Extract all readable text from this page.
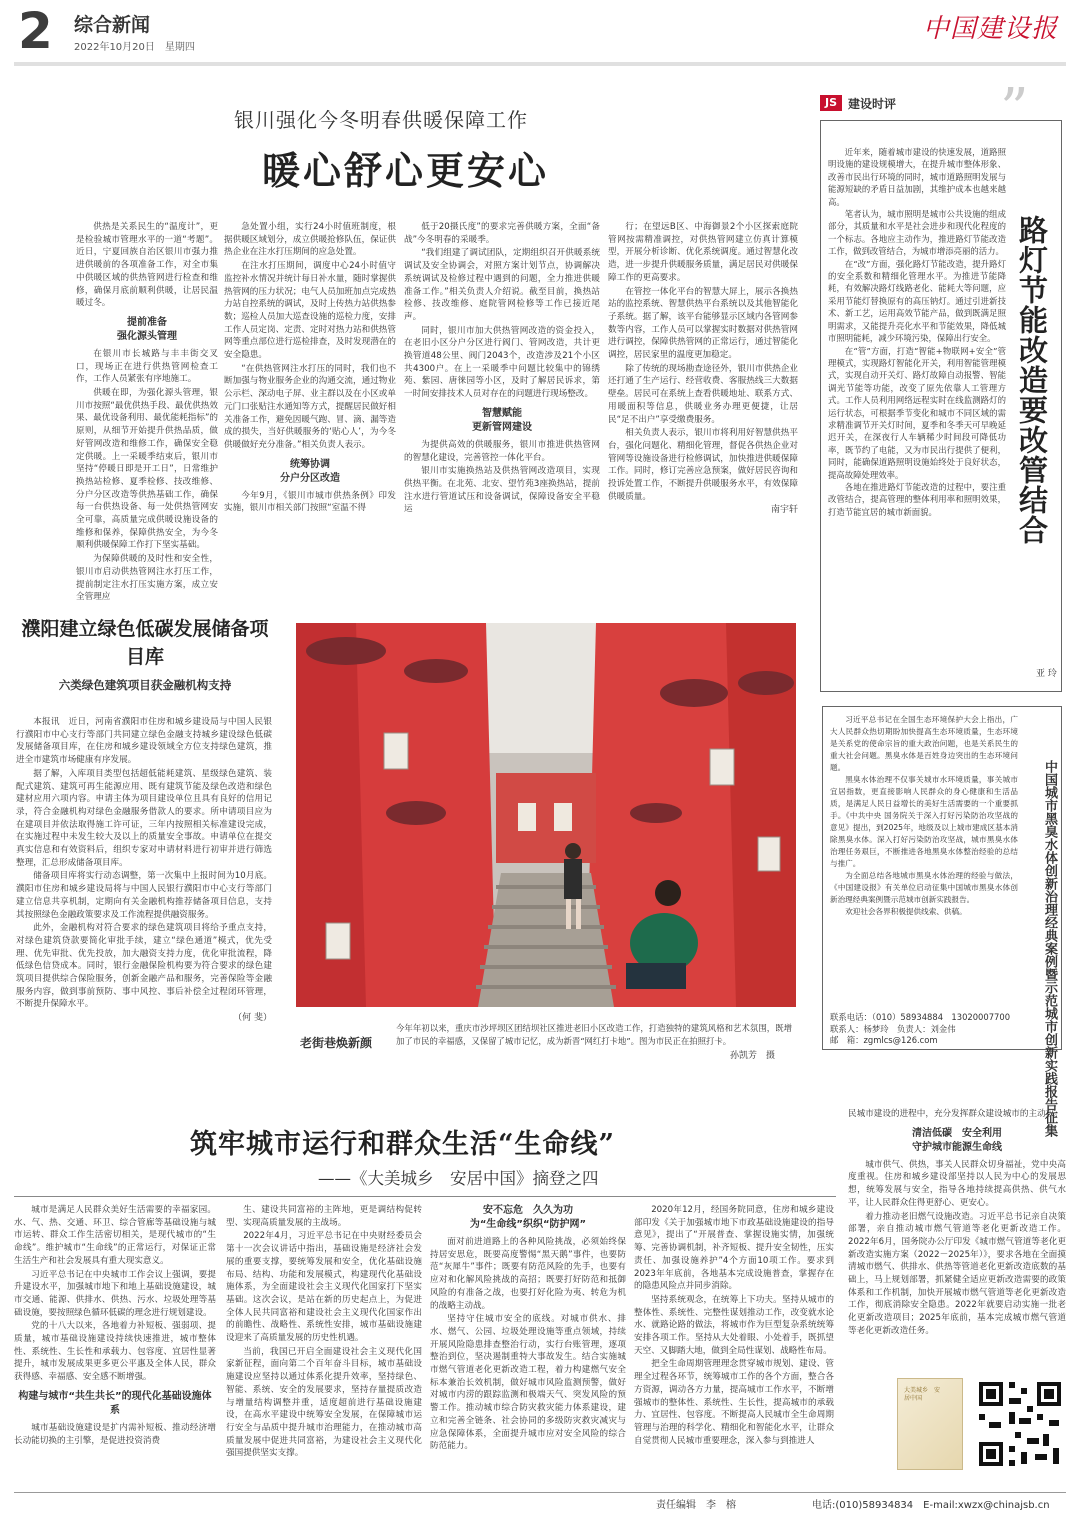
2 综合新闻
2022年10月20日　星期四
中国建设报
银川强化今冬明春供暖保障工作
暖心舒心更安心

供热是关系民生的“温度计”，更是检验城市管理水平的一道“考题”。近日，宁夏回族自治区银川市强力推进供暖前的各项准备工作，对全市集中供暖区域的供热管网进行检查和维修，确保月底前顺利供暖，让居民温暖过冬。

提前准备
强化源头管理

在银川市长城路与丰丰街交叉口，现场正在进行供热管网检查工作，工作人员紧张有序地施工。

供暖在即，为强化源头管理，银川市按照“最优供热手段、最优供热效果、最优设备利用、最优能耗指标”的原则，从细节开始提升供热品质，做好管网改造和维修工作，确保安全稳定供暖。上一采暖季结束后，银川市坚持“停暖日即是开工日”，日常维护换热站检修、夏季检修、技改维修、分户分区改造等供热基础工作，确保每一台供热设备、每一处供热管网安全可靠，高质量完成供暖设施设备的维修和保养，保障供热安全，为今冬顺利供暖保障工作打下坚实基础。

为保障供暖的及时性和安全性，银川市启动供热管网注水打压工作，提前制定注水打压实施方案，成立安全管理应

急处置小组，实行24小时值班制度，根据供暖区域划分，成立供暖抢修队伍，保证供热企业在注水打压期间的应急处置。

在注水打压期间，调度中心24小时值守监控补水情况并统计每日补水量，随时掌握供热管网的压力状况；电气人员加班加点完成热力站自控系统的调试，及时上传热力站供热参数；巡检人员加大巡查设施的巡检力度，安排工作人员定岗、定责、定时对热力站和供热管网等重点部位进行巡检排查，及时发现潜在的安全隐患。

“在供热管网注水打压的同时，我们也不断加强与物业服务企业的沟通交流，通过物业公示栏、深动电子屏、业主群以及在小区或单元门口张贴注水通知等方式，提醒居民做好相关准备工作，避免因暖气跑、冒、滴、漏等造成的损失，当好供暖服务的‘贴心人’，为今冬供暖做好充分准备。”相关负责人表示。

统筹协调
分户分区改造

今年9月，《银川市城市供热条例》印发实施，银川市相关部门按照“室温不得

低于20摄氏度”的要求完善供暖方案，全面“备战”今冬明春的采暖季。

“我们组建了调试团队，定期组织召开供暖系统调试及安全协调会，对照方案计划节点，协调解决系统调试及检修过程中遇到的问题，全力推进供暖准备工作。”相关负责人介绍说。截至目前，换热站检修、技改维修、庭院管网检修等工作已接近尾声。

同时，银川市加大供热管网改造的资金投入，在老旧小区分户分区进行阀门、管网改造，共计更换管道48公里、阀门2043个，改造涉及21个小区共4300户。在上一采暖季中问题比较集中的锦绣苑、紫园、唐徕园等小区，及时了解居民诉求，第一时间安排技术人员对存在的问题进行现场整改。

智慧赋能
更新管网建设

为提供高效的供暖服务，银川市推进供热管网的智慧化建设，完善管控一体化平台。

银川市实施换热站及供热管网改造项目，实现供热平衡。在北苑、北安、望竹苑3座换热站，提前注水进行管道试压和设备调试，保障设备安全平稳运

行；在望远B区、中海御景2个小区探索庭院管网按需精准调控，对供热管网建立仿真计算模型，开展分析诊断、优化系统调度。通过智慧化改造，进一步提升供暖服务质量，满足居民对供暖保障工作的更高要求。

在管控一体化平台的智慧大屏上，展示各换热站的监控系统、智慧供热平台系统以及其他智能化子系统。据了解，该平台能够显示区域内各管网参数等内容，工作人员可以掌握实时数据对供热管网进行调控，保障供热管网的正常运行，通过智能化调控，居民家里的温度更加稳定。

除了传统的现场勘查途径外，银川市供热企业还打通了生产运行、经营收费、客服热线三大数据壁垒。居民可在系统上查看供暖地址、联系方式、用暖面积等信息，供暖业务办理更便捷，让居民“足不出户”享受缴费服务。

相关负责人表示，银川市将利用好智慧供热平台，强化问题化、精细化管理，督促各供热企业对管网等设施设备进行检修调试，加快推进供暖保障工作。同时，修订完善应急预案，做好居民咨询和投诉处置工作，不断提升供暖服务水平，有效保障供暖质量。

南宇轩
JS 建设时评 ”

近年来，随着城市建设的快速发展，道路照明设施的建设规模增大，在提升城市整体形象、改善市民出行环境的同时，城市道路照明发展与能源短缺的矛盾日益加剧，其维护成本也越来越高。

笔者认为，城市照明是城市公共设施的组成部分，其质量和水平是社会进步和现代化程度的一个标志。各地应主动作为，推进路灯节能改造工作，做到改管结合，为城市增添亮丽的活力。

在“改”方面，强化路灯节能改造，提升路灯的安全系数和精细化管理水平。为推进节能降耗，有效解决路灯线路老化、能耗大等问题，应采用节能灯替换原有的高压钠灯。通过引进新技术、新工艺，运用高效节能产品，做到既满足照明需求，又能提升亮化水平和节能效果，降低城市照明能耗，减少环境污染，保障出行安全。

在“管”方面，打造“智能+物联网+安全”管理模式，实现路灯智能化开关，利用智能管理模式，实现自动开关灯、路灯故障自动报警、智能调光节能等功能，改变了原先依靠人工管理方式。工作人员利用网络远程实时在线监测路灯的运行状态，可根据季节变化和城市不同区域的需求精准调节开关灯时间，夏季和冬季天可早晚延迟开关，在深夜行人车辆稀少时间段可降低功率，既节约了电能，又为市民出行提供了便利，同时，能确保道路照明设施始终处于良好状态，提高故障处理效率。

各地在推进路灯节能改造的过程中，要注重改管结合，提高管理的整体利用率和照明效果，打造节能宜居的城市新面貌。	路灯节能改造要改管结合
亚 玲
濮阳建立绿色低碳发展储备项目库
六类绿色建筑项目获金融机构支持

本报讯　近日，河南省濮阳市住房和城乡建设局与中国人民银行濮阳市中心支行等部门共同建立绿色金融支持城乡建设绿色低碳发展储备项目库，在住房和城乡建设领域全方位支持绿色建筑，推进全市建筑市场健康有序发展。

据了解，入库项目类型包括超低能耗建筑、星级绿色建筑、装配式建筑、建筑可再生能源应用、既有建筑节能及绿色改造和绿色建材应用六项内容。申请主体为项目建设单位且具有良好的信用记录，符合金融机构对绿色金融服务借款人的要求。所申请项目应为在建项目并依法取得施工许可证，三年内按照相关标准建设完成，在实施过程中未发生较大及以上的质量安全事故。申请单位在提交真实信息和有效资料后，组织专家对申请材料进行初审并进行筛选整理，汇总形成储备项目库。

储备项目库将实行动态调整，第一次集中上报时间为10月底。濮阳市住房和城乡建设局将与中国人民银行濮阳市中心支行等部门建立信息共享机制，定期向有关金融机构推荐储备项目信息，支持其按照绿色金融政策要求及工作流程提供融资服务。

此外，金融机构对符合要求的绿色建筑项目将给予重点支持，对绿色建筑贷款要简化审批手续，建立“绿色通道”模式，优先受理、优先审批、优先投放，加大融资支持力度，优化审批流程，降低绿色信贷成本。同时，银行金融保险机构要为符合要求的绿色建筑项目提供综合保险服务，创新金融产品和服务，完善保险等金融服务内容，做到事前预防、事中风控、事后补偿全过程闭环管理，不断提升保障水平。

（何 斐）
老街巷焕新颜
今年年初以来，重庆市沙坪坝区团结坝社区推进老旧小区改造工作，打造独特的建筑风格和艺术氛围，既增加了市民的幸福感，又保留了城市记忆，成为新晋“网红打卡地”。图为市民正在拍照打卡。
孙凯芳　摄

习近平总书记在全国生态环境保护大会上指出，广大人民群众热切期盼加快提高生态环境质量，生态环境是关系党的使命宗旨的重大政治问题，也是关系民生的重大社会问题。黑臭水体是百姓身边突出的生态环境问题。

黑臭水体治理不仅事关城市水环境质量，事关城市宜居指数，更直接影响人民群众的身心健康和生活品质，是满足人民日益增长的美好生活需要的一个重要抓手。《中共中央 国务院关于深入打好污染防治攻坚战的意见》提出，到2025年，地级及以上城市建成区基本消除黑臭水体。深入打好污染防治攻坚战，城市黑臭水体治理任务艰巨，不断推进各地黑臭水体整治经验的总结与推广。

为全面总结各地城市黑臭水体治理的经验与做法，《中国建设报》有关单位启动征集中国城市黑臭水体创新治理经典案例暨示范城市创新实践报告。

欢迎社会各界积极提供线索、供稿。	中国城市黑臭水体创新治理经典案例暨示范城市创新实践报告征集
联系电话：（010）58934884　13020007700
联系人：杨梦玲　负责人：刘金伟
邮　箱：zgmlcs@126.com
筑牢城市运行和群众生活“生命线”
——《大美城乡　安居中国》摘登之四

城市是满足人民群众美好生活需要的幸福家园。水、气、热、交通、环卫、综合管廊等基础设施与城市运转、群众工作生活密切相关，是现代城市的“生命线”。维护城市“生命线”的正常运行，对保证正常生活生产和社会发展具有重大现实意义。

习近平总书记在中央城市工作会议上强调，要提升建设水平，加强城市地下和地上基础设施建设，城市交通、能源、供排水、供热、污水、垃圾处理等基础设施，要按照绿色循环低碳的理念进行规划建设。

党的十八大以来，各地着力补短板、强弱项、提质量，城市基础设施建设持续快速推进，城市整体性、系统性、生长性和承载力、包容度、宜居性显著提升，城市发展成果更多更公平惠及全体人民，群众获得感、幸福感、安全感不断增强。

构建与城市“共生共长”的现代化基础设施体系

城市基础设施建设是扩内需补短板、推动经济增长动能切换的主引擎，是促进投资消费

生、建设共同富裕的主阵地，更是调结构促转型、实现高质量发展的主战场。

2022年4月，习近平总书记在中央财经委员会第十一次会议讲话中指出，基础设施是经济社会发展的重要支撑，要统筹发展和安全，优化基础设施布局、结构、功能和发展模式，构建现代化基础设施体系，为全面建设社会主义现代化国家打下坚实基础。这次会议，是站在新的历史起点上，为促进全体人民共同富裕和建设社会主义现代化国家作出的前瞻性、战略性、系统性安排，城市基础设施建设迎来了高质量发展的历史性机遇。

当前，我国已开启全面建设社会主义现代化国家新征程，面向第二个百年奋斗目标，城市基础设施建设应坚持以通过体系化提升效率，坚持绿色、智能、系统、安全的发展要求，坚持存量提质改造与增量结构调整并重，适度超前进行基础设施建设，在高水平建设中统筹安全发展，在保障城市运行安全与品质中提升城市治理能力，在推动城市高质量发展中促进共同富裕，为建设社会主义现代化强国提供坚实支撑。

安不忘危　久久为功
为“生命线”织织“防护网”

面对前进道路上的各种风险挑战，必须始终保持居安思危，既要高度警惕“黑天鹅”事件，也要防范“灰犀牛”事件；既要有防范风险的先手，也要有应对和化解风险挑战的高招；既要打好防范和抵御风险的有准备之战，也要打好化险为夷、转危为机的战略主动战。

坚持守住城市安全的底线。对城市供水、排水、燃气、公园、垃圾处理设施等重点领域，持续开展风险隐患排查整治行动，实行台账管理，逐项整治到位，坚决遏制重特大事故发生。结合实施城市燃气管道老化更新改造工程，着力构建燃气安全标本兼治长效机制，做好城市风险监测预警，做好对城市内涝的跟踪监测和极端天气、突发风险的预警工作。推动城市综合防灾救灾能力体系建设，建立和完善全链条、社会协同的多级防灾救灾减灾与应急保障体系，全面提升城市应对安全风险的综合防范能力。

2020年12月，经国务院同意，住房和城乡建设部印发《关于加强城市地下市政基础设施建设的指导意见》，提出了“开展普查、掌握设施实情，加强统筹、完善协调机制，补齐短板、提升安全韧性，压实责任、加强设施养护”4个方面10项工作。要求到2023年年底前，各地基本完成设施普查，掌握存在的隐患风险点并同步消除。

坚持系统观念，在统筹上下功夫。坚持从城市的整体性、系统性、完整性谋划推动工作，改变就水论水、就路论路的做法，将城市作为巨型复杂系统统筹安排各项工作。坚持从大处着眼、小处着手，既抓望天空、又脚踏大地，做到全局性谋划、战略性布局。

把全生命周期管理理念贯穿城市规划、建设、管理全过程各环节，统筹城市工作的各个方面，整合各方资源，调动各方力量，提高城市工作水平，不断增强城市的整体性、系统性、生长性，提高城市的承载力、宜居性、包容度。不断提高人民城市全生命周期管理与治理的科学化、精细化和智能化水平，让群众自觉贯彻人民城市重要理念，深入参与到推进人

民城市建设的进程中，充分发挥群众建设城市的主动权。

清洁低碳　安全利用
守护城市能源生命线

城市供气、供热，事关人民群众切身福祉，党中央高度重视。住房和城乡建设部坚持以人民为中心的发展思想，统筹发展与安全，指导各地持续提高供热、供气水平，让人民群众住得更舒心、更安心。

着力推动老旧燃气设施改造。习近平总书记亲自决策部署，亲自推动城市燃气管道等老化更新改造工作。2022年6月，国务院办公厅印发《城市燃气管道等老化更新改造实施方案（2022－2025年）》，要求各地在全面摸清城市燃气、供排水、供热等管道老化更新改造底数的基础上，马上规划部署，抓紧健全适应更新改造需要的政策体系和工作机制，加快开展城市燃气管道等老化更新改造工作，彻底消除安全隐患。2022年就要启动实施一批老化更新改造项目；2025年底前，基本完成城市燃气管道等老化更新改造任务。

大美城乡　安居中国
责任编辑　李　榕	电话:(010)58934834　E-mail:xwzx@chinajsb.cn
